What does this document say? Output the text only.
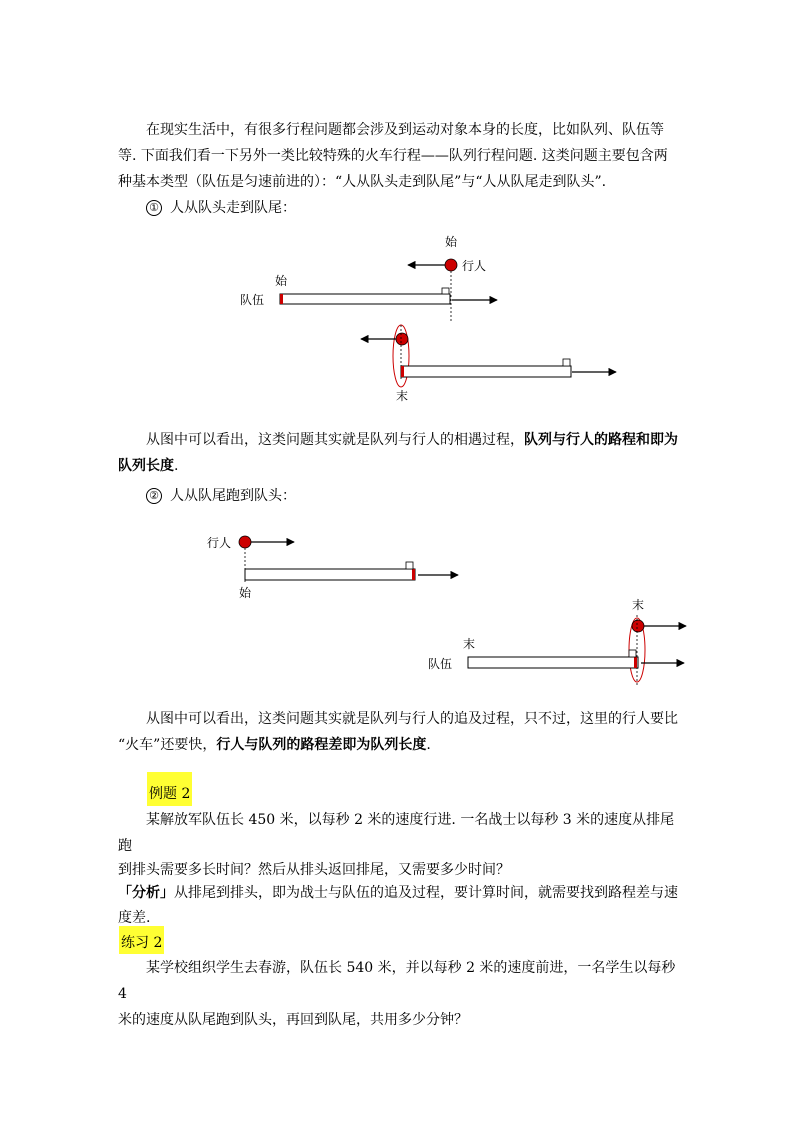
在现实生活中，有很多行程问题都会涉及到运动对象本身的长度，比如队列、队伍等
等. 下面我们看一下另外一类比较特殊的火车行程——队列行程问题. 这类问题主要包含两
种基本类型（队伍是匀速前进的）：“人从队头走到队尾”与“人从队尾走到队头”.
① 人从队头走到队尾：
始
行人
始
队伍
末
从图中可以看出，这类问题其实就是队列与行人的相遇过程，队列与行人的路程和即为
队列长度.
② 人从队尾跑到队头：
行人
始
末
末
队伍
从图中可以看出，这类问题其实就是队列与行人的追及过程，只不过，这里的行人要比
“火车”还要快，行人与队列的路程差即为队列长度.
例题 2
某解放军队伍长 450 米，以每秒 2 米的速度行进. 一名战士以每秒 3 米的速度从排尾跑
到排头需要多长时间？然后从排头返回排尾，又需要多少时间？
「分析」从排尾到排头，即为战士与队伍的追及过程，要计算时间，就需要找到路程差与速
度差.
练习 2
某学校组织学生去春游，队伍长 540 米，并以每秒 2 米的速度前进，一名学生以每秒 4
米的速度从队尾跑到队头，再回到队尾，共用多少分钟？
